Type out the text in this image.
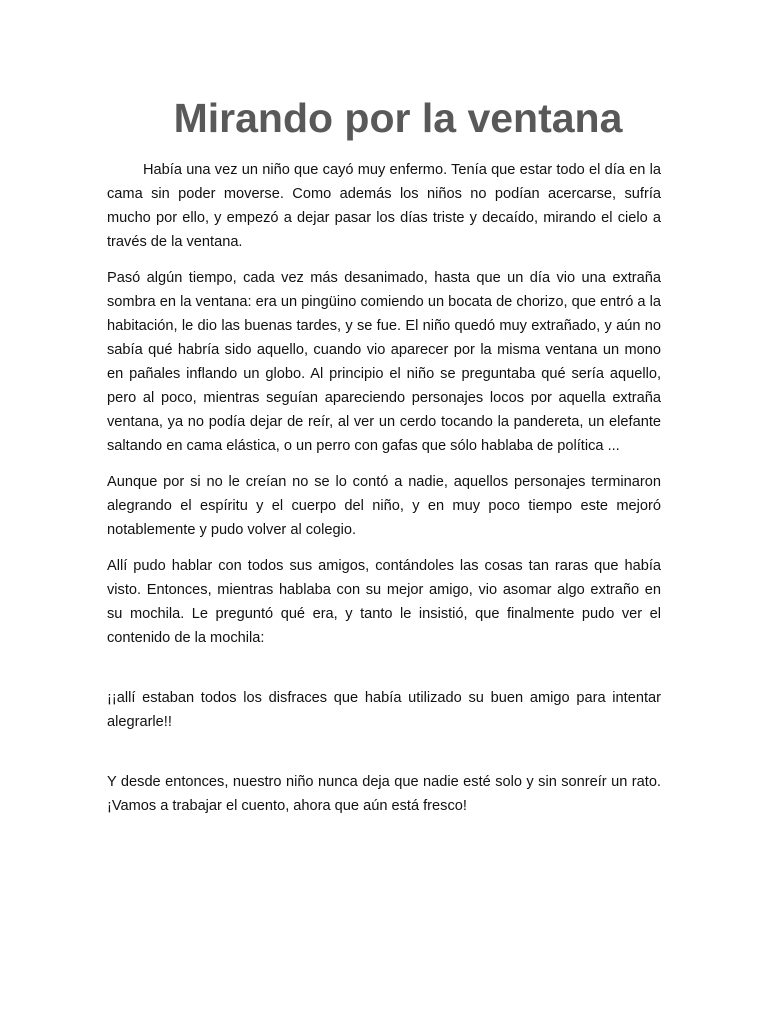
Mirando por la ventana

Había una vez un niño que cayó muy enfermo. Tenía que estar todo el día en la cama sin poder moverse. Como además los niños no podían acercarse, sufría mucho por ello, y empezó a dejar pasar los días triste y decaído, mirando el cielo a través de la ventana.

Pasó algún tiempo, cada vez más desanimado, hasta que un día vio una extraña sombra en la ventana: era un pingüino comiendo un bocata de chorizo, que entró a la habitación, le dio las buenas tardes, y se fue. El niño quedó muy extrañado, y aún no sabía qué habría sido aquello, cuando vio aparecer por la misma ventana un mono en pañales inflando un globo. Al principio el niño se preguntaba qué sería aquello, pero al poco, mientras seguían apareciendo personajes locos por aquella extraña ventana, ya no podía dejar de reír, al ver un cerdo tocando la pandereta, un elefante saltando en cama elástica, o un perro con gafas que sólo hablaba de política ...

Aunque por si no le creían no se lo contó a nadie, aquellos personajes terminaron alegrando el espíritu y el cuerpo del niño, y en muy poco tiempo este mejoró notablemente y pudo volver al colegio.

Allí pudo hablar con todos sus amigos, contándoles las cosas tan raras que había visto. Entonces, mientras hablaba con su mejor amigo, vio asomar algo extraño en su mochila. Le preguntó qué era, y tanto le insistió, que finalmente pudo ver el contenido de la mochila:

¡¡allí estaban todos los disfraces que había utilizado su buen amigo para intentar alegrarle!!

Y desde entonces, nuestro niño nunca deja que nadie esté solo y sin sonreír un rato. ¡Vamos a trabajar el cuento, ahora que aún está fresco!
